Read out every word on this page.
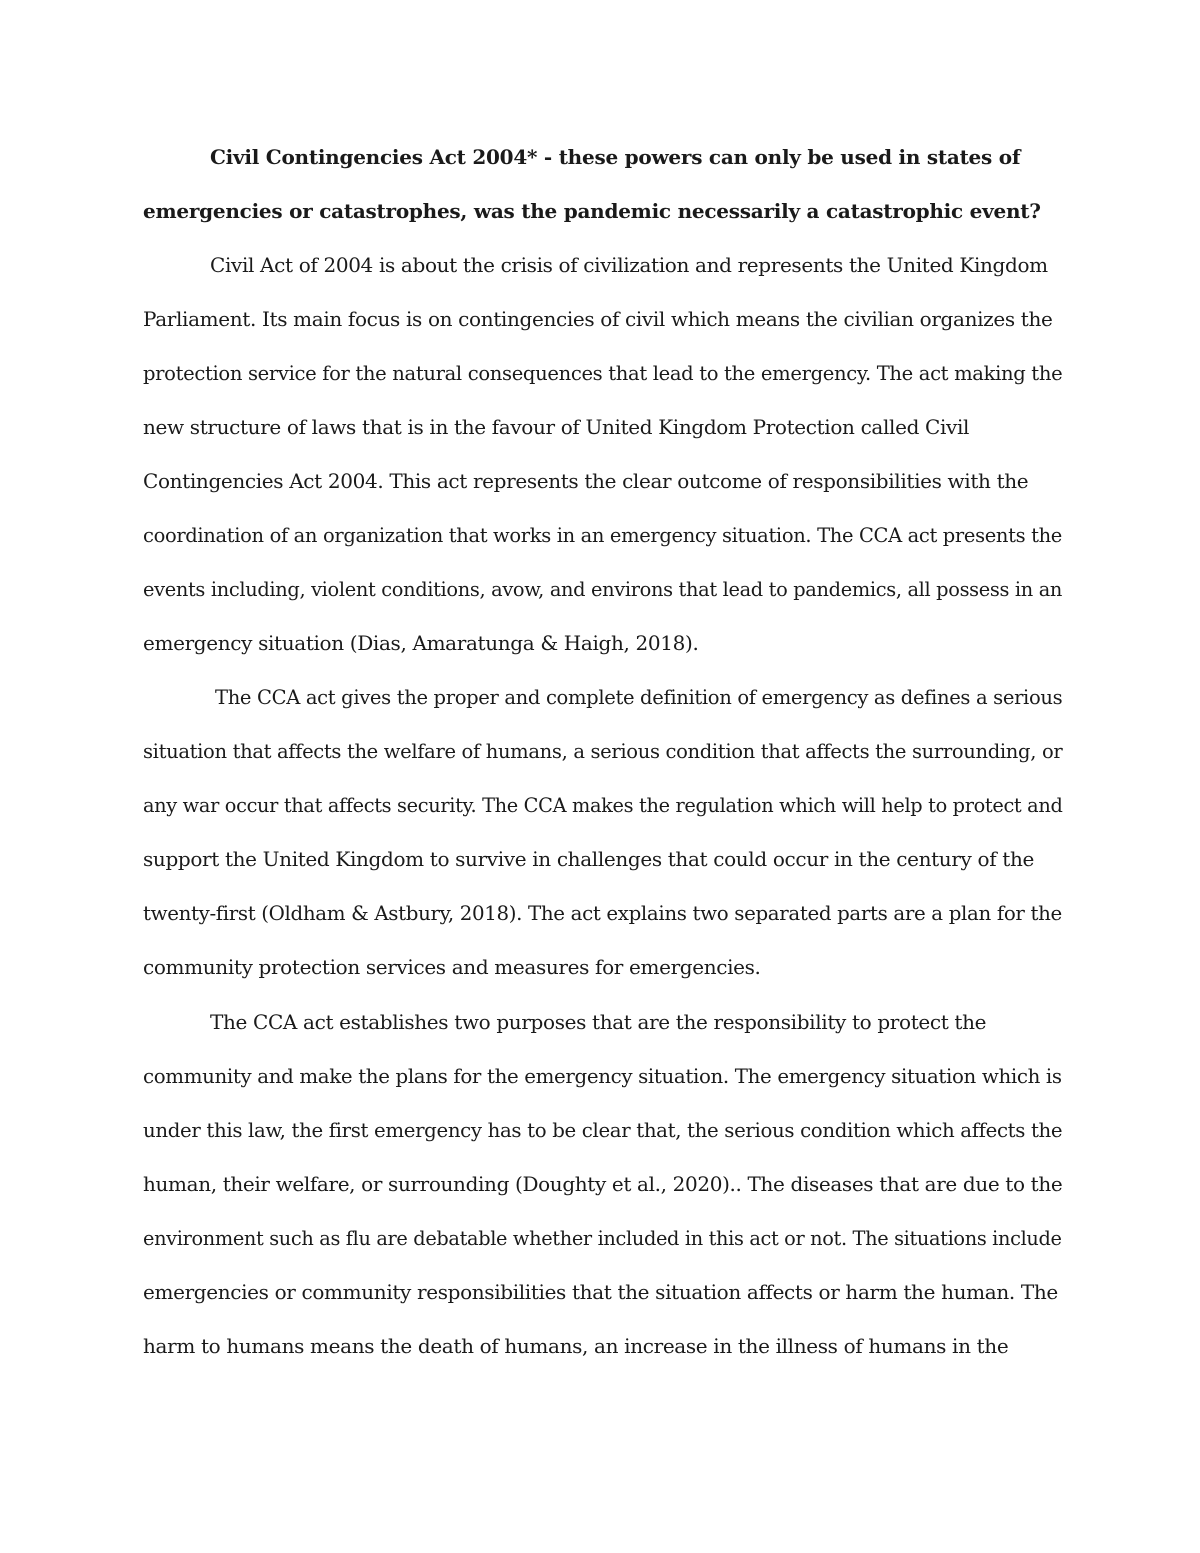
Civil Contingencies Act 2004* - these powers can only be used in states of
emergencies or catastrophes, was the pandemic necessarily a catastrophic event?
Civil Act of 2004 is about the crisis of civilization and represents the United Kingdom
Parliament. Its main focus is on contingencies of civil which means the civilian organizes the
protection service for the natural consequences that lead to the emergency. The act making the
new structure of laws that is in the favour of United Kingdom Protection called Civil
Contingencies Act 2004. This act represents the clear outcome of responsibilities with the
coordination of an organization that works in an emergency situation. The CCA act presents the
events including, violent conditions, avow, and environs that lead to pandemics, all possess in an
emergency situation (Dias, Amaratunga & Haigh, 2018).
The CCA act gives the proper and complete definition of emergency as defines a serious
situation that affects the welfare of humans, a serious condition that affects the surrounding, or
any war occur that affects security. The CCA makes the regulation which will help to protect and
support the United Kingdom to survive in challenges that could occur in the century of the
twenty-first (Oldham & Astbury, 2018). The act explains two separated parts are a plan for the
community protection services and measures for emergencies.
The CCA act establishes two purposes that are the responsibility to protect the
community and make the plans for the emergency situation. The emergency situation which is
under this law, the first emergency has to be clear that, the serious condition which affects the
human, their welfare, or surrounding (Doughty et al., 2020).. The diseases that are due to the
environment such as flu are debatable whether included in this act or not. The situations include
emergencies or community responsibilities that the situation affects or harm the human. The
harm to humans means the death of humans, an increase in the illness of humans in the
